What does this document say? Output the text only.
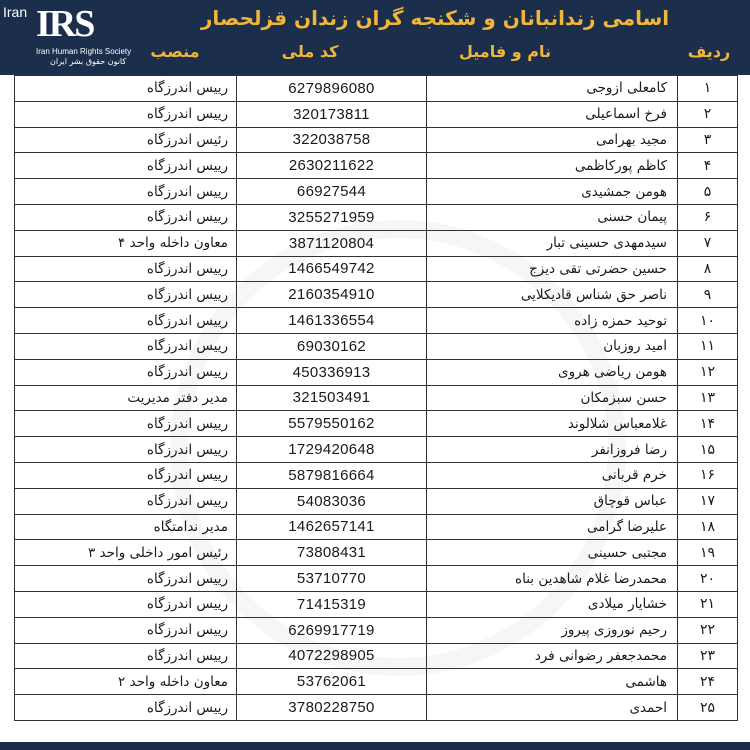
Iran IRS
Iran Human Rights Society
کانون حقوق بشر ایران
اسامی زندانبانان و شکنجه گران زندان قزلحصار
ردیف
نام و فامیل
کد ملی
منصب
۱
کامعلی ازوجی
6279896080
رییس اندرزگاه
۲
فرخ اسماعیلی
320173811
رییس اندرزگاه
۳
مجید بهرامی
322038758
رئیس اندرزگاه
۴
کاظم پورکاظمی
2630211622
رییس اندرزگاه
۵
هومن جمشیدی
66927544
رییس اندرزگاه
۶
پیمان حسنی
3255271959
رییس اندرزگاه
۷
سیدمهدی حسینی تبار
3871120804
معاون داخله واحد ۴
۸
حسین حضرتی تقی دیزج
1466549742
رییس اندرزگاه
۹
ناصر حق شناس قادیکلایی
2160354910
رییس اندرزگاه
۱۰
توحید حمزه زاده
1461336554
رییس اندرزگاه
۱۱
امید روزبان
69030162
رییس اندرزگاه
۱۲
هومن ریاضی هروی
450336913
رییس اندرزگاه
۱۳
حسن سبزمکان
321503491
مدیر دفتر مدیریت
۱۴
غلامعباس شلالوند
5579550162
رییس اندرزگاه
۱۵
رضا فروزانفر
1729420648
رییس اندرزگاه
۱۶
خرم قربانی
5879816664
رییس اندرزگاه
۱۷
عباس قوچاق
54083036
رییس اندرزگاه
۱۸
علیرضا گرامی
1462657141
مدیر ندامتگاه
۱۹
مجتبی حسینی
73808431
رئیس امور داخلی واحد ۳
۲۰
محمدرضا غلام شاهدین بناه
53710770
رییس اندرزگاه
۲۱
خشایار میلادی
71415319
رییس اندرزگاه
۲۲
رحیم نوروزی پیروز
6269917719
رییس اندرزگاه
۲۳
محمدجعفر رضوانی فرد
4072298905
رییس اندرزگاه
۲۴
هاشمی
53762061
معاون داخله واحد ۲
۲۵
احمدی
3780228750
رییس اندرزگاه
